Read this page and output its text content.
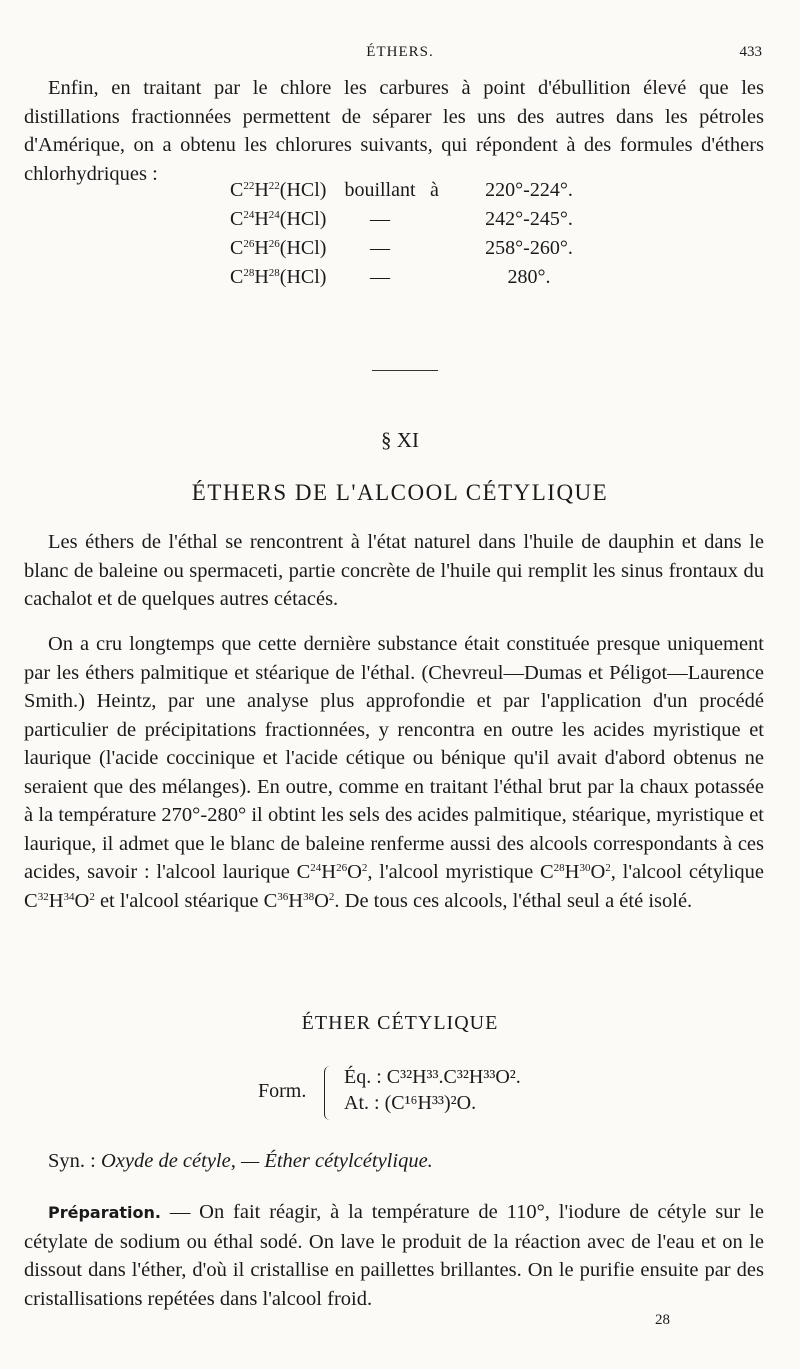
ÉTHERS.	433

Enfin, en traitant par le chlore les carbures à point d'ébullition élevé que les distillations fractionnées permettent de séparer les uns des autres dans les pétroles d'Amérique, on a obtenu les chlorures suivants, qui répondent à des formules d'éthers chlorhydriques :

$C^{22}H^{22}(HCl)$ bouillant à	220°-224°.
$C^{24}H^{24}(HCl)$	—	242°-245°.
$C^{26}H^{26}(HCl)$	—	258°-260°.
$C^{28}H^{28}(HCl)$	—	280°.
§ XI
ÉTHERS DE L'ALCOOL CÉTYLIQUE

Les éthers de l'éthal se rencontrent à l'état naturel dans l'huile de dauphin et dans le blanc de baleine ou spermaceti, partie concrète de l'huile qui remplit les sinus frontaux du cachalot et de quelques autres cétacés.

On a cru longtemps que cette dernière substance était constituée presque uniquement par les éthers palmitique et stéarique de l'éthal. (Chevreul—Dumas et Péligot—Laurence Smith.) Heintz, par une analyse plus approfondie et par l'application d'un procédé particulier de précipitations fractionnées, y rencontra en outre les acides myristique et laurique (l'acide coccinique et l'acide cétique ou bénique qu'il avait d'abord obtenus ne seraient que des mélanges). En outre, comme en traitant l'éthal brut par la chaux potassée à la température 270°-280° il obtint les sels des acides palmitique, stéarique, myristique et laurique, il admet que le blanc de baleine renferme aussi des alcools correspondants à ces acides, savoir : l'alcool laurique $C^{24}H^{26}O^2$, l'alcool myristique $C^{28}H^{30}O^2$, l'alcool cétylique $C^{32}H^{34}O^2$ et l'alcool stéarique $C^{36}H^{38}O^2$. De tous ces alcools, l'éthal seul a été isolé.

ÉTHER CÉTYLIQUE
Form.
Éq. : C³²H³³.C³²H³³O².
At. : (C¹⁶H³³)²O.
Syn. : Oxyde de cétyle, — Éther cétylcétylique.

Préparation. — On fait réagir, à la température de 110°, l'iodure de cétyle sur le cétylate de sodium ou éthal sodé. On lave le produit de la réaction avec de l'eau et on le dissout dans l'éther, d'où il cristallise en paillettes brillantes. On le purifie ensuite par des cristallisations repétées dans l'alcool froid.

28
